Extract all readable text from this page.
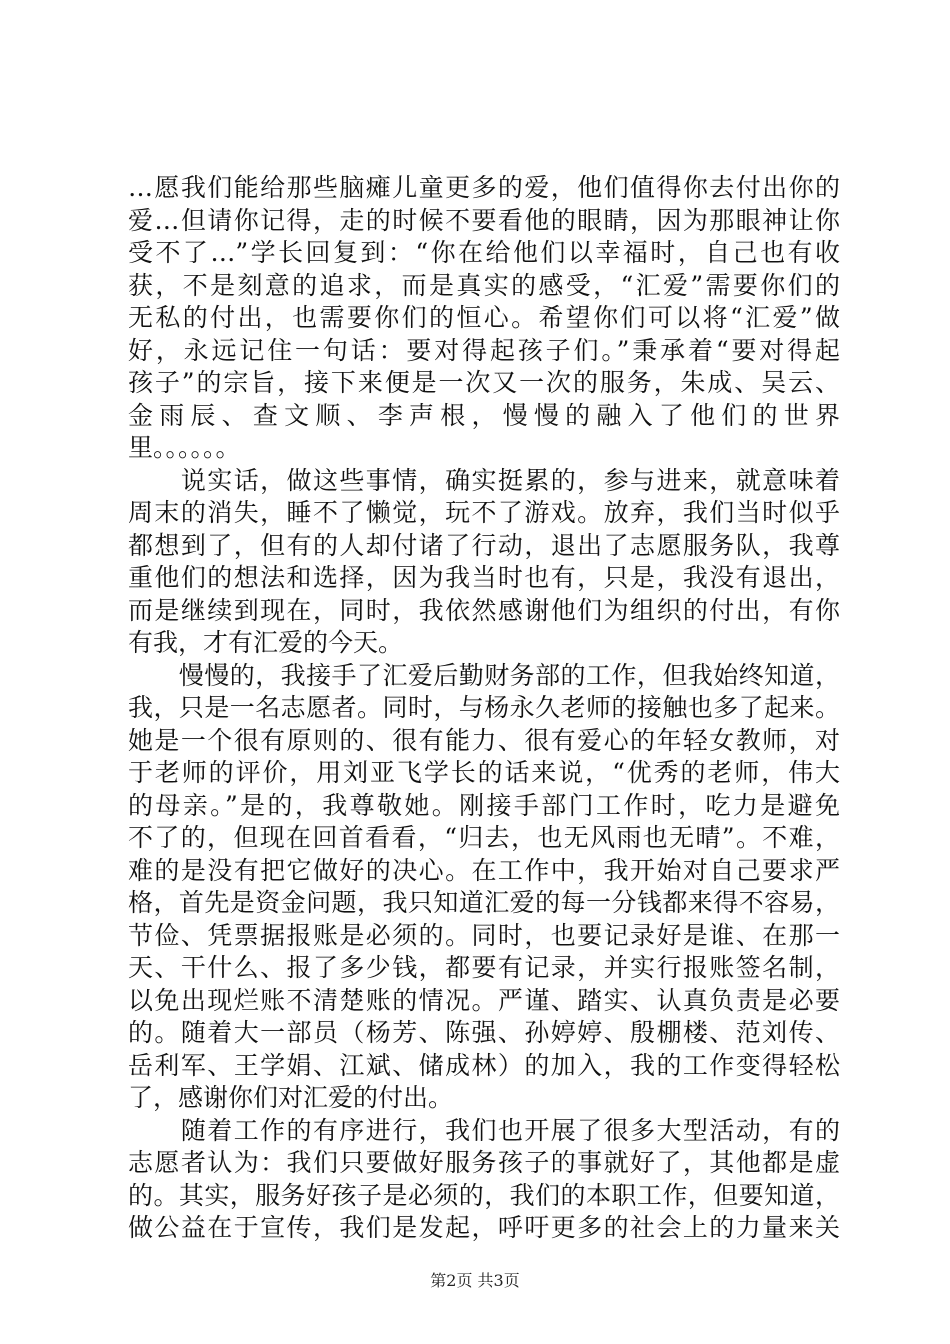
…愿我们能给那些脑瘫儿童更多的爱，他们值得你去付出你的
爱…但请你记得，走的时候不要看他的眼睛，因为那眼神让你
受不了…”学长回复到：“你在给他们以幸福时，自己也有收
获，不是刻意的追求，而是真实的感受，“汇爱”需要你们的
无私的付出，也需要你们的恒心。希望你们可以将“汇爱”做
好，永远记住一句话：要对得起孩子们。”秉承着“要对得起
孩子”的宗旨，接下来便是一次又一次的服务，朱成、吴云、
金雨辰、查文顺、李声根，慢慢的融入了他们的世界
里。。。。。。
　　说实话，做这些事情，确实挺累的，参与进来，就意味着
周末的消失，睡不了懒觉，玩不了游戏。放弃，我们当时似乎
都想到了，但有的人却付诸了行动，退出了志愿服务队，我尊
重他们的想法和选择，因为我当时也有，只是，我没有退出，
而是继续到现在，同时，我依然感谢他们为组织的付出，有你
有我，才有汇爱的今天。
　　慢慢的，我接手了汇爱后勤财务部的工作，但我始终知道，
我，只是一名志愿者。同时，与杨永久老师的接触也多了起来。
她是一个很有原则的、很有能力、很有爱心的年轻女教师，对
于老师的评价，用刘亚飞学长的话来说，“优秀的老师，伟大
的母亲。”是的，我尊敬她。刚接手部门工作时，吃力是避免
不了的，但现在回首看看，“归去，也无风雨也无晴”。不难，
难的是没有把它做好的决心。在工作中，我开始对自己要求严
格，首先是资金问题，我只知道汇爱的每一分钱都来得不容易，
节俭、凭票据报账是必须的。同时，也要记录好是谁、在那一
天、干什么、报了多少钱，都要有记录，并实行报账签名制，
以免出现烂账不清楚账的情况。严谨、踏实、认真负责是必要
的。随着大一部员（杨芳、陈强、孙婷婷、殷棚楼、范刘传、
岳利军、王学娟、江斌、储成林）的加入，我的工作变得轻松
了，感谢你们对汇爱的付出。
　　随着工作的有序进行，我们也开展了很多大型活动，有的
志愿者认为：我们只要做好服务孩子的事就好了，其他都是虚
的。其实，服务好孩子是必须的，我们的本职工作，但要知道，
做公益在于宣传，我们是发起，呼吁更多的社会上的力量来关
第2页 共3页
